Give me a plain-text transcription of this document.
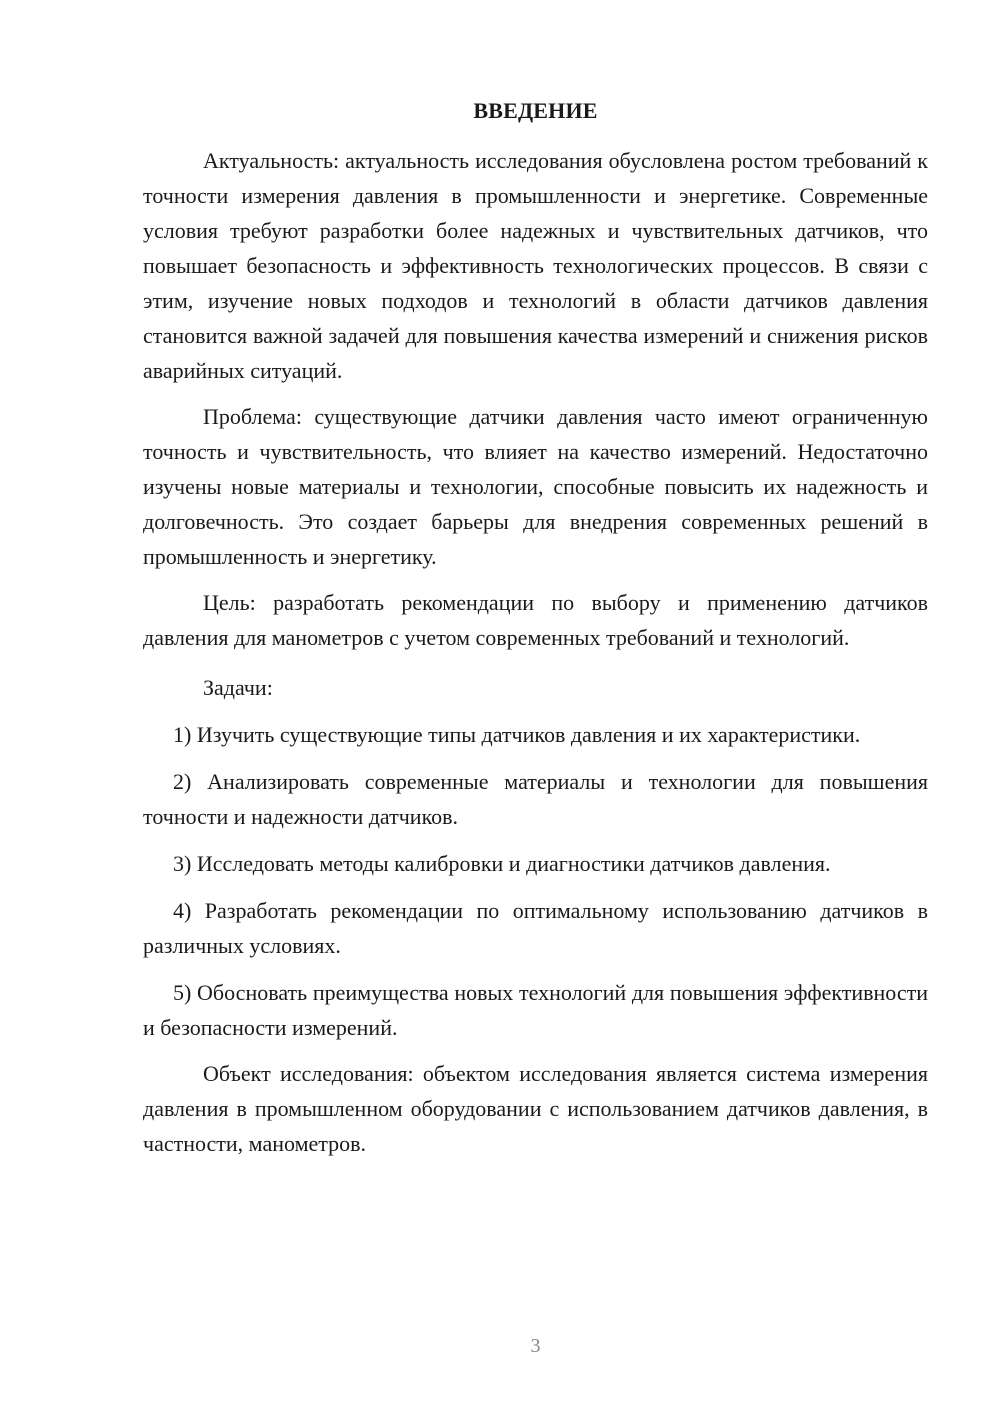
ВВЕДЕНИЕ

Актуальность: актуальность исследования обусловлена ростом требований к точности измерения давления в промышленности и энергетике. Современные условия требуют разработки более надежных и чувствительных датчиков, что повышает безопасность и эффективность технологических процессов. В связи с этим, изучение новых подходов и технологий в области датчиков давления становится важной задачей для повышения качества измерений и снижения рисков аварийных ситуаций.

Проблема: существующие датчики давления часто имеют ограниченную точность и чувствительность, что влияет на качество измерений. Недостаточно изучены новые материалы и технологии, способные повысить их надежность и долговечность. Это создает барьеры для внедрения современных решений в промышленность и энергетику.

Цель: разработать рекомендации по выбору и применению датчиков давления для манометров с учетом современных требований и технологий.

Задачи:

1) Изучить существующие типы датчиков давления и их характеристики.

2) Анализировать современные материалы и технологии для повышения точности и надежности датчиков.

3) Исследовать методы калибровки и диагностики датчиков давления.

4) Разработать рекомендации по оптимальному использованию датчиков в различных условиях.

5) Обосновать преимущества новых технологий для повышения эффективности и безопасности измерений.

Объект исследования: объектом исследования является система измерения давления в промышленном оборудовании с использованием датчиков давления, в частности, манометров.

3
